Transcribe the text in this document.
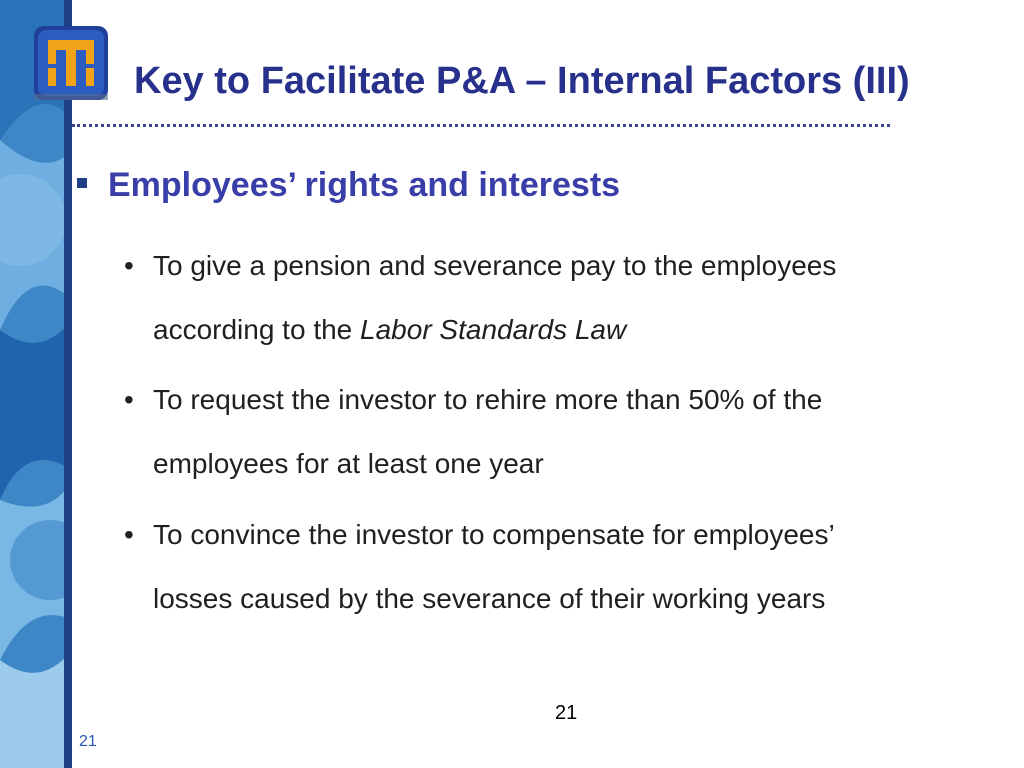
Key to Facilitate P&A – Internal Factors (III)
Employees’ rights and interests
• To give a pension and severance pay to the employees
according to the Labor Standards Law
• To request the investor to rehire more than 50% of the
employees for at least one year
• To convince the investor to compensate for employees’
losses caused by the severance of their working years
21
21
